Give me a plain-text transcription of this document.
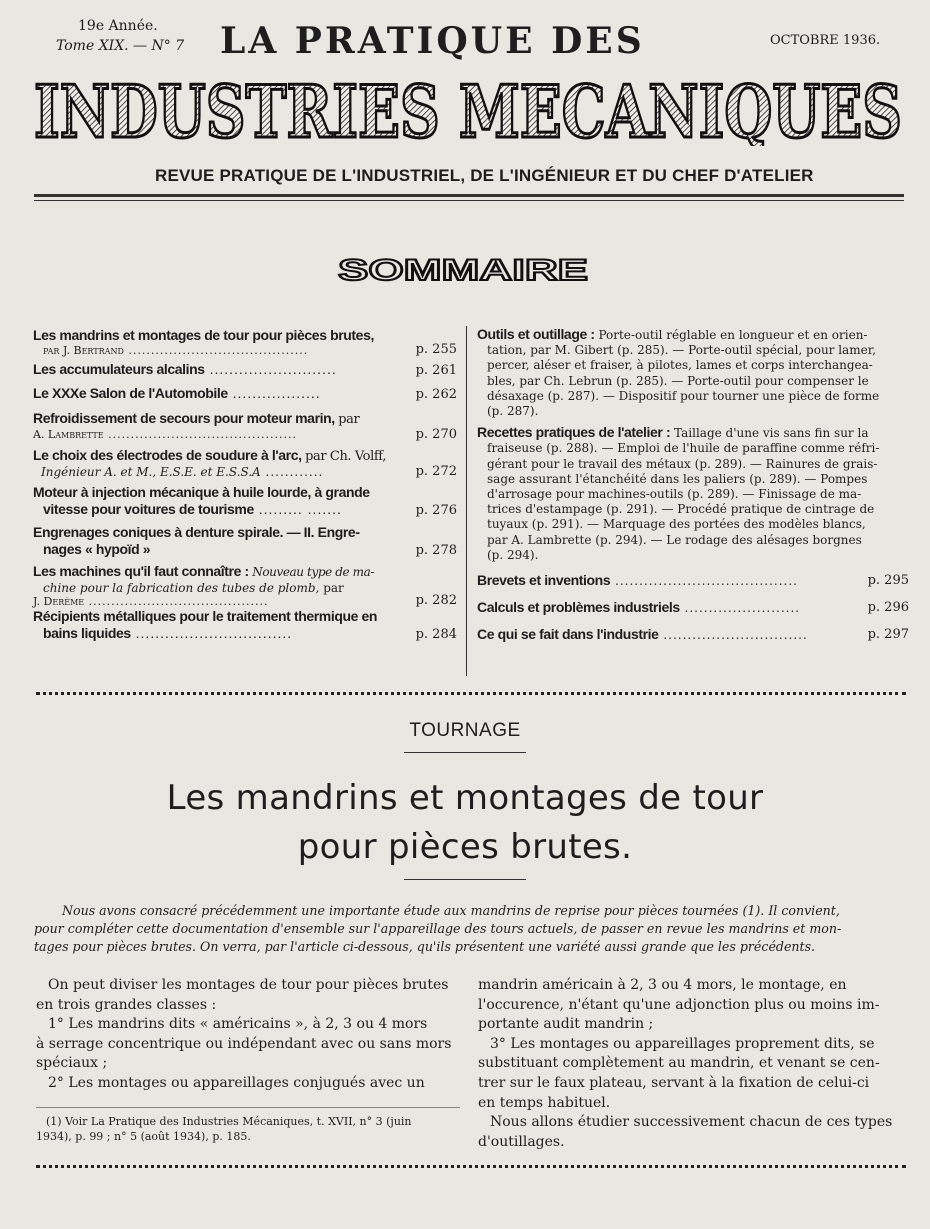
19e Année.
Tome XIX. — N° 7 LA PRATIQUE DES	OCTOBRE 1936.
INDUSTRIES MECANIQUES
REVUE PRATIQUE DE L'INDUSTRIEL, DE L'INGÉNIEUR ET DU CHEF D'ATELIER
SOMMAIRE
Les mandrins et montages de tour pour pièces brutes,
par J. Bertrand ........................................	p. 255
Les accumulateurs alcalins ..........................	p. 261
Le XXXe Salon de l'Automobile ..................	p. 262
Refroidissement de secours pour moteur marin, par
A. Lambrette ..........................................	p. 270
Le choix des électrodes de soudure à l'arc, par Ch. Volff,
Ingénieur A. et M., E.S.E. et E.S.S.A ............	p. 272
Moteur à injection mécanique à huile lourde, à grande
vitesse pour voitures de tourisme ......... .......	p. 276
Engrenages coniques à denture spirale. — II. Engre-
nages « hypoïd »	p. 278
Les machines qu'il faut connaître : Nouveau type de ma-
chine pour la fabrication des tubes de plomb, par
J. Derème ........................................	p. 282
Récipients métalliques pour le traitement thermique en
bains liquides ................................	p. 284
Outils et outillage : Porte-outil réglable en longueur et en orien-
tation, par M. Gibert (p. 285). — Porte-outil spécial, pour lamer,
percer, aléser et fraiser, à pilotes, lames et corps interchangea-
bles, par Ch. Lebrun (p. 285). — Porte-outil pour compenser le
désaxage (p. 287). — Dispositif pour tourner une pièce de forme
(p. 287).
Recettes pratiques de l'atelier : Taillage d'une vis sans fin sur la
fraiseuse (p. 288). — Emploi de l'huile de paraffine comme réfri-
gérant pour le travail des métaux (p. 289). — Rainures de grais-
sage assurant l'étanchéité dans les paliers (p. 289). — Pompes
d'arrosage pour machines-outils (p. 289). — Finissage de ma-
trices d'estampage (p. 291). — Procédé pratique de cintrage de
tuyaux (p. 291). — Marquage des portées des modèles blancs,
par A. Lambrette (p. 294). — Le rodage des alésages borgnes
(p. 294).
Brevets et inventions ......................................	p. 295
Calculs et problèmes industriels ........................	p. 296
Ce qui se fait dans l'industrie ..............................	p. 297
TOURNAGE
Les mandrins et montages de tour
pour pièces brutes.
Nous avons consacré précédemment une importante étude aux mandrins de reprise pour pièces tournées (1). Il convient,
pour compléter cette documentation d'ensemble sur l'appareillage des tours actuels, de passer en revue les mandrins et mon-
tages pour pièces brutes. On verra, par l'article ci-dessous, qu'ils présentent une variété aussi grande que les précédents.
On peut diviser les montages de tour pour pièces brutes
en trois grandes classes :
1° Les mandrins dits « américains », à 2, 3 ou 4 mors
à serrage concentrique ou indépendant avec ou sans mors
spéciaux ;
2° Les montages ou appareillages conjugués avec un
(1) Voir La Pratique des Industries Mécaniques, t. XVII, n° 3 (juin
1934), p. 99 ; n° 5 (août 1934), p. 185.
mandrin américain à 2, 3 ou 4 mors, le montage, en
l'occurence, n'étant qu'une adjonction plus ou moins im-
portante audit mandrin ;
3° Les montages ou appareillages proprement dits, se
substituant complètement au mandrin, et venant se cen-
trer sur le faux plateau, servant à la fixation de celui-ci
en temps habituel.
Nous allons étudier successivement chacun de ces types
d'outillages.
